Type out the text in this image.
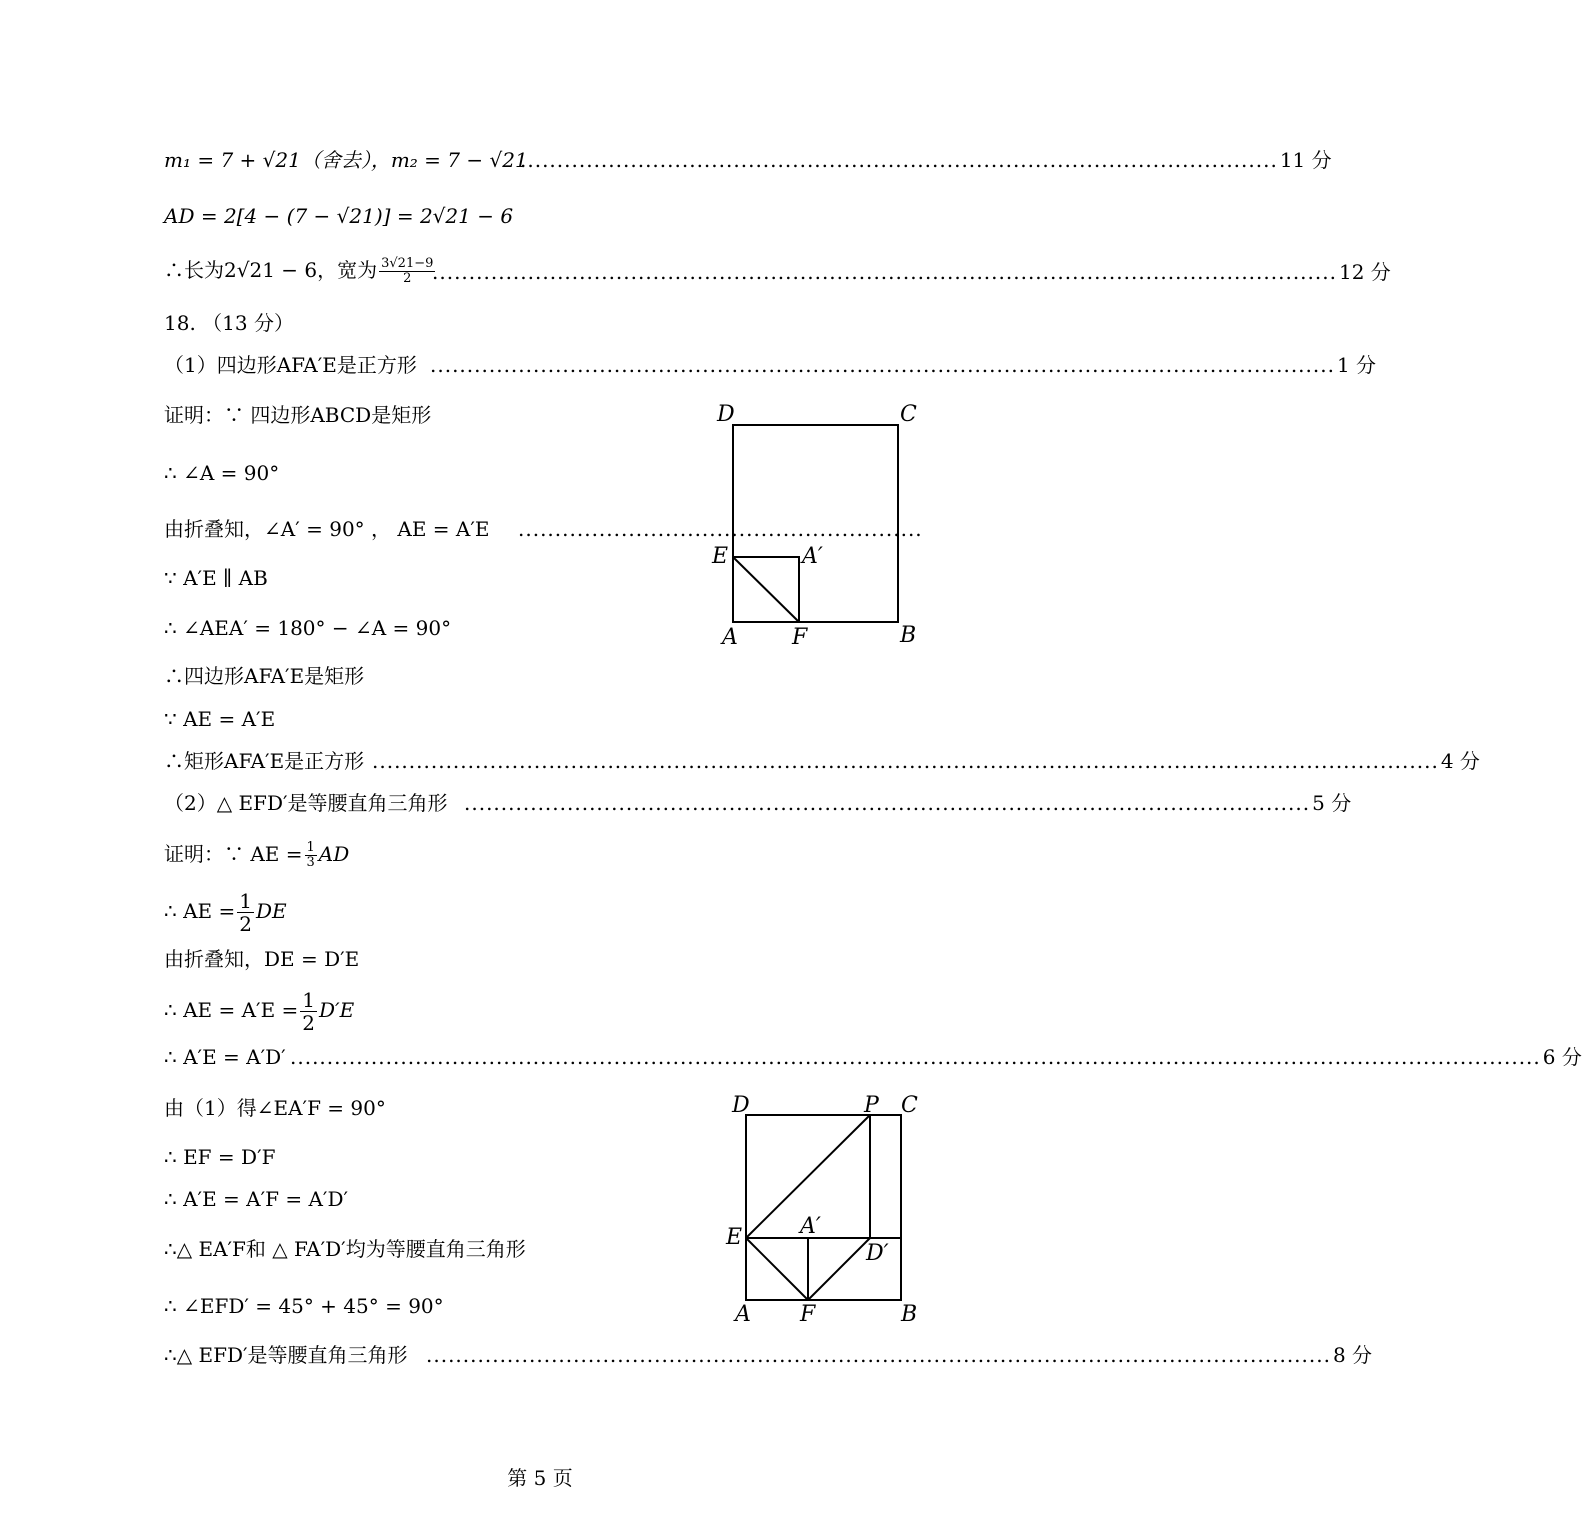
m₁ = 7 + √21（舍去），m₂ = 7 − √21
....................................................................................................... 11 分
AD = 2[4 − (7 − √21)] = 2√21 − 6
∴长为2√21 − 6，宽为 $\frac{3√21-9}{2}$
........................................................................................................................... 12 分
18. （13 分）
（1）四边形AFA′E是正方形 ........................................................................................................................... 1 分
证明：∵ 四边形ABCD是矩形
∴ ∠A = 90°
由折叠知，∠A′ = 90° ， AE = A′E .......................................................
∵ A′E ∥ AB
∴ ∠AEA′ = 180° − ∠A = 90°
∴四边形AFA′E是矩形
∵ AE = A′E
∴矩形AFA′E是正方形 ................................................................................................................................................. 4 分
（2）△ EFD′是等腰直角三角形 ................................................................................................................... 5 分
证明：∵ AE = $\frac{1}{3}$ AD
∴ AE = $\frac{1}{2}$ DE
由折叠知，DE = D′E
∴ AE = $A'E = \frac{1}{2} D'E$
∴ A′E = A′D′ .......................................................................................................................................................................... 6 分
由（1）得∠EA′F = 90°
∴ EF = D′F
∴ A′E = A′F = A′D′
∴△ EA′F和 △ FA′D′均为等腰直角三角形
∴ ∠EFD′ = 45° + 45° = 90°
∴△ EFD′是等腰直角三角形 ........................................................................................................................... 8 分
D	C
E	A′
A F	B
D	P C
E	A′
D′
A F	B
第 5 页
